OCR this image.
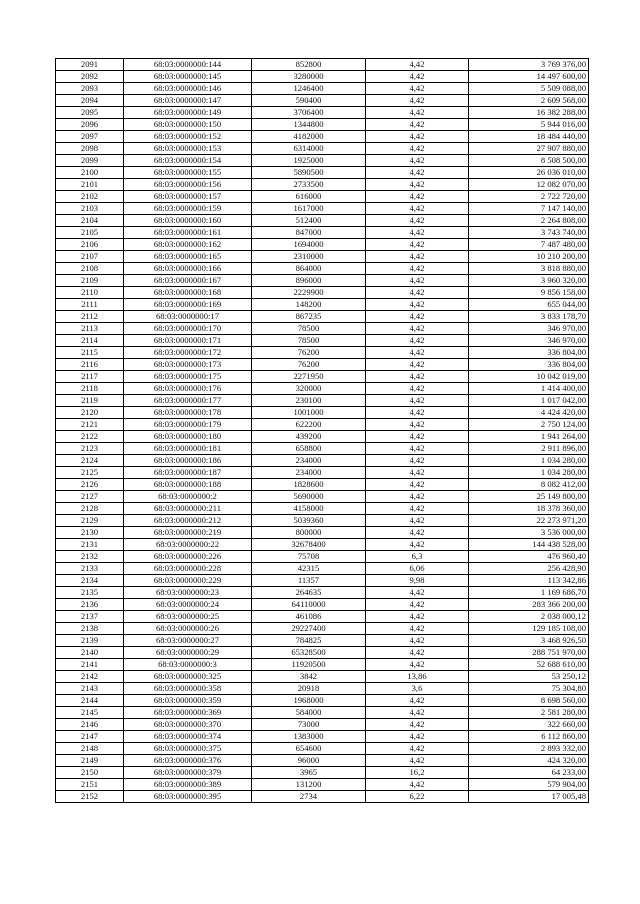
2091	68:03:0000000:144	852800	4,42	3 769 376,00
2092	68:03:0000000:145	3280000	4,42	14 497 600,00
2093	68:03:0000000:146	1246400	4,42	5 509 088,00
2094	68:03:0000000:147	590400	4,42	2 609 568,00
2095	68:03:0000000:149	3706400	4,42	16 382 288,00
2096	68:03:0000000:150	1344800	4,42	5 944 016,00
2097	68:03:0000000:152	4182000	4,42	18 484 440,00
2098	68:03:0000000:153	6314000	4,42	27 907 880,00
2099	68:03:0000000:154	1925000	4,42	8 508 500,00
2100	68:03:0000000:155	5890500	4,42	26 036 010,00
2101	68:03:0000000:156	2733500	4,42	12 082 070,00
2102	68:03:0000000:157	616000	4,42	2 722 720,00
2103	68:03:0000000:159	1617000	4,42	7 147 140,00
2104	68:03:0000000:160	512400	4,42	2 264 808,00
2105	68:03:0000000:161	847000	4,42	3 743 740,00
2106	68:03:0000000:162	1694000	4,42	7 487 480,00
2107	68:03:0000000:165	2310000	4,42	10 210 200,00
2108	68:03:0000000:166	864000	4,42	3 818 880,00
2109	68:03:0000000:167	896000	4,42	3 960 320,00
2110	68:03:0000000:168	2229900	4,42	9 856 158,00
2111	68:03:0000000:169	148200	4,42	655 044,00
2112	68:03:0000000:17	867235	4,42	3 833 178,70
2113	68:03:0000000:170	78500	4,42	346 970,00
2114	68:03:0000000:171	78500	4,42	346 970,00
2115	68:03:0000000:172	76200	4,42	336 804,00
2116	68:03:0000000:173	76200	4,42	336 804,00
2117	68:03:0000000:175	2271950	4,42	10 042 019,00
2118	68:03:0000000:176	320000	4,42	1 414 400,00
2119	68:03:0000000:177	230100	4,42	1 017 042,00
2120	68:03:0000000:178	1001000	4,42	4 424 420,00
2121	68:03:0000000:179	622200	4,42	2 750 124,00
2122	68:03:0000000:180	439200	4,42	1 941 264,00
2123	68:03:0000000:181	658800	4,42	2 911 896,00
2124	68:03:0000000:186	234000	4,42	1 034 280,00
2125	68:03:0000000:187	234000	4,42	1 034 280,00
2126	68:03:0000000:188	1828600	4,42	8 082 412,00
2127	68:03:0000000:2	5690000	4,42	25 149 800,00
2128	68:03:0000000:211	4158000	4,42	18 378 360,00
2129	68:03:0000000:212	5039360	4,42	22 273 971,20
2130	68:03:0000000:219	800000	4,42	3 536 000,00
2131	68:03:0000000:22	32678400	4,42	144 438 528,00
2132	68:03:0000000:226	75708	6,3	476 960,40
2133	68:03:0000000:228	42315	6,06	256 428,90
2134	68:03:0000000:229	11357	9,98	113 342,86
2135	68:03:0000000:23	264635	4,42	1 169 686,70
2136	68:03:0000000:24	64110000	4,42	283 366 200,00
2137	68:03:0000000:25	461086	4,42	2 038 000,12
2138	68:03:0000000:26	29227400	4,42	129 185 108,00
2139	68:03:0000000:27	784825	4,42	3 468 926,50
2140	68:03:0000000:29	65328500	4,42	288 751 970,00
2141	68:03:0000000:3	11920500	4,42	52 688 610,00
2142	68:03:0000000:325	3842	13,86	53 250,12
2143	68:03:0000000:358	20918	3,6	75 304,80
2144	68:03:0000000:359	1968000	4,42	8 698 560,00
2145	68:03:0000000:369	584000	4,42	2 581 280,00
2146	68:03:0000000:370	73000	4,42	322 660,00
2147	68:03:0000000:374	1383000	4,42	6 112 860,00
2148	68:03:0000000:375	654600	4,42	2 893 332,00
2149	68:03:0000000:376	96000	4,42	424 320,00
2150	68:03:0000000:379	3965	16,2	64 233,00
2151	68:03:0000000:389	131200	4,42	579 904,00
2152	68:03:0000000:395	2734	6,22	17 005,48
